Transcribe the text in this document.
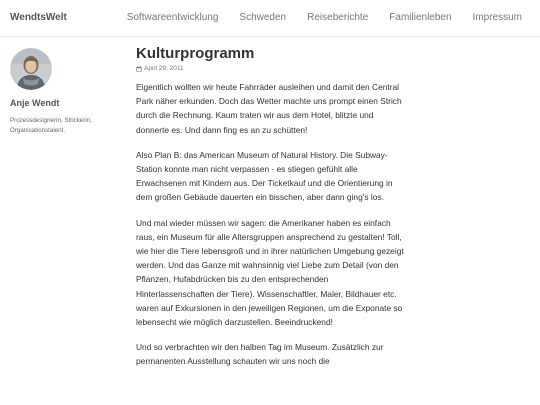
WendtsWelt	Softwareentwicklung Schweden Reiseberichte Familienleben Impressum
Anje Wendt
Prozessdesignerin, Strickerin,
Organisationstalent.
Kulturprogramm
April 29, 2011

Eigentlich wollten wir heute Fahrräder ausleihen und damit den Central Park näher erkunden. Doch das Wetter machte uns prompt einen Strich durch die Rechnung. Kaum traten wir aus dem Hotel, blitzte und donnerte es. Und dann fing es an zu schütten!

Also Plan B: das American Museum of Natural History. Die Subway-Station konnte man nicht verpassen - es stiegen gefühlt alle Erwachsenen mit Kindern aus. Der Ticketkauf und die Orientierung in dem großen Gebäude dauerten ein bisschen, aber dann ging's los.

Und mal wieder müssen wir sagen: die Amerikaner haben es einfach raus, ein Museum für alle Altersgruppen ansprechend zu gestalten! Toll, wie hier die Tiere lebensgroß und in ihrer natürlichen Umgebung gezeigt werden. Und das Ganze mit wahnsinnig viel Liebe zum Detail (von den Pflanzen, Hufabdrücken bis zu den entsprechenden Hinterlassenschaften der Tiere). Wissenschaftler, Maler, Bildhauer etc. waren auf Exkursionen in den jeweiligen Regionen, um die Exponate so lebensecht wie möglich darzustellen. Beeindruckend!

Und so verbrachten wir den halben Tag im Museum. Zusätzlich zur permanenten Ausstellung schauten wir uns noch die
